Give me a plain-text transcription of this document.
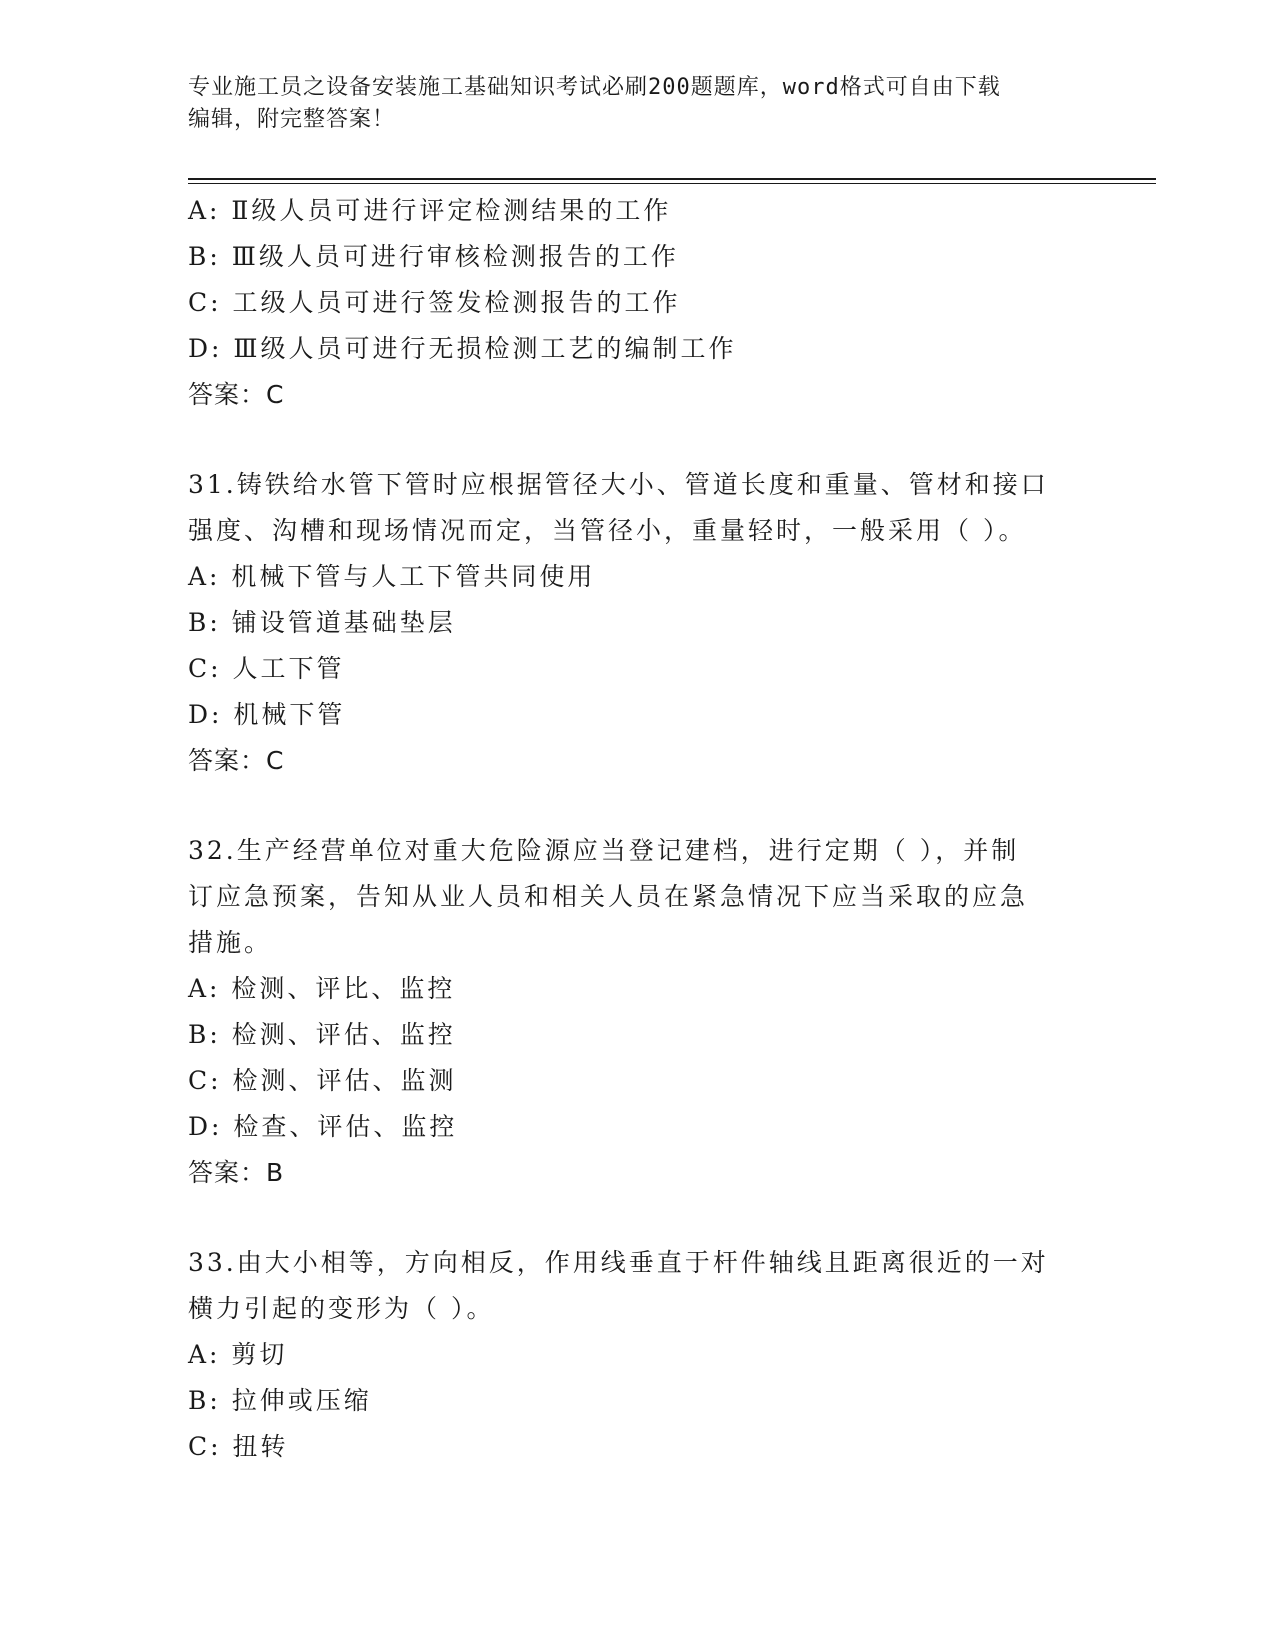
专业施工员之设备安装施工基础知识考试必刷200题题库，word格式可自由下载
编辑，附完整答案！
A: Ⅱ级人员可进行评定检测结果的工作
B: Ⅲ级人员可进行审核检测报告的工作
C: 工级人员可进行签发检测报告的工作
D: Ⅲ级人员可进行无损检测工艺的编制工作
答案：C
31.铸铁给水管下管时应根据管径大小、管道长度和重量、管材和接口
强度、沟槽和现场情况而定，当管径小，重量轻时，一般采用（ ）。
A: 机械下管与人工下管共同使用
B: 铺设管道基础垫层
C: 人工下管
D: 机械下管
答案：C
32.生产经营单位对重大危险源应当登记建档，进行定期（ ），并制
订应急预案，告知从业人员和相关人员在紧急情况下应当采取的应急
措施。
A: 检测、评比、监控
B: 检测、评估、监控
C: 检测、评估、监测
D: 检查、评估、监控
答案：B
33.由大小相等，方向相反，作用线垂直于杆件轴线且距离很近的一对
横力引起的变形为（ ）。
A: 剪切
B: 拉伸或压缩
C: 扭转
